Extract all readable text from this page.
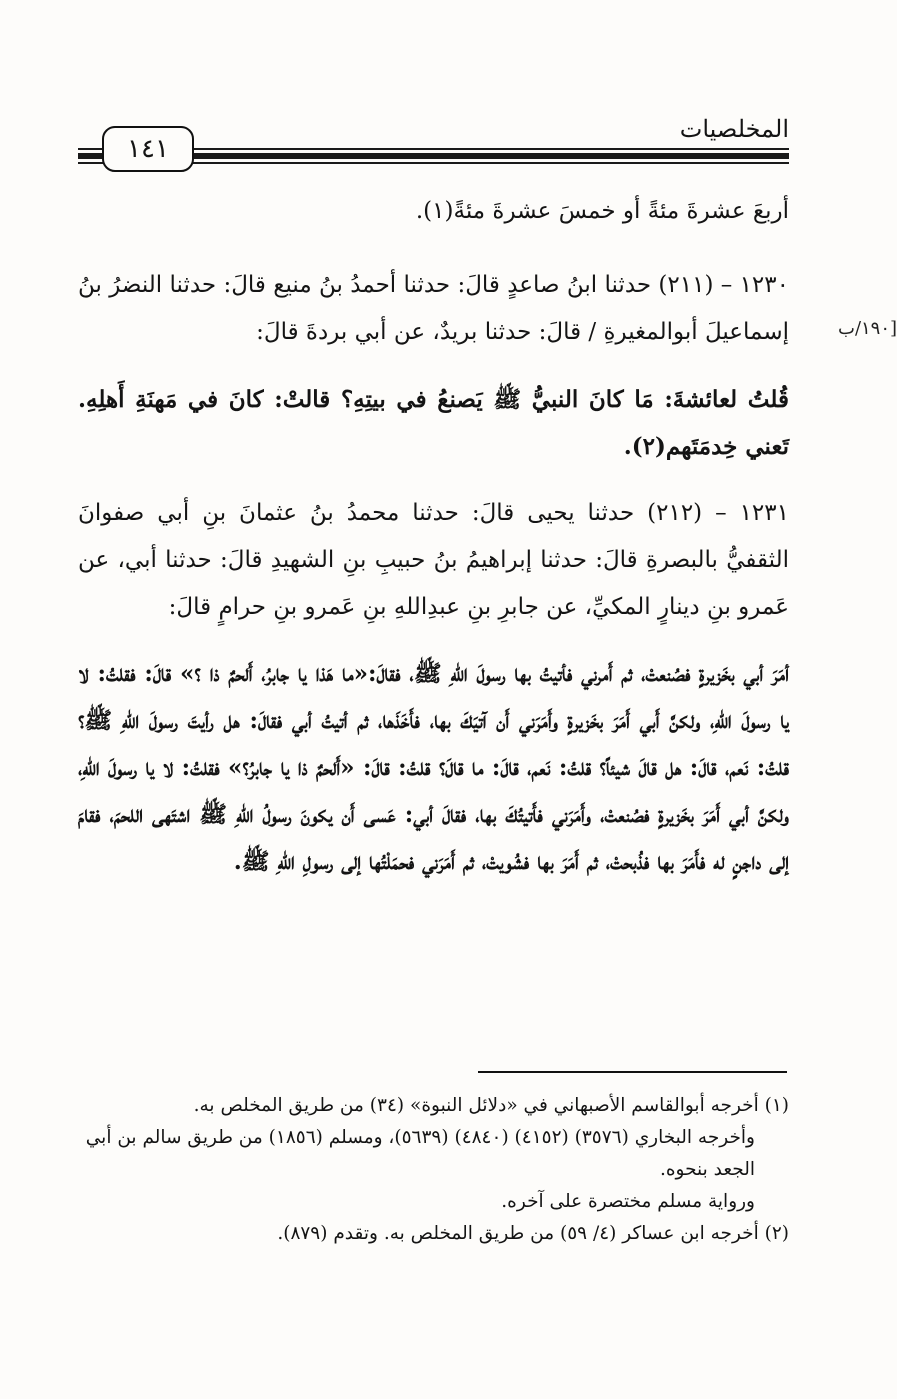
المخلصيات
١٤١
[١٩٠/ب

أربعَ عشرةَ مئةً أو خمسَ عشرةَ مئةً(١).

١٢٣٠ – (٢١١) حدثنا ابنُ صاعدٍ قالَ: حدثنا أحمدُ بنُ منيع قالَ: حدثنا النضرُ بنُ إسماعيلَ أبوالمغيرةِ / قالَ: حدثنا بريدٌ، عن أبي بردةَ قالَ:

قُلتُ لعائشةَ: مَا كانَ النبيُّ ﷺ يَصنعُ في بيتِهِ؟ قالتْ: كانَ في مَهنَةِ أَهلِهِ. تَعني خِدمَتَهم(٢).

١٢٣١ – (٢١٢) حدثنا يحيى قالَ: حدثنا محمدُ بنُ عثمانَ بنِ أبي صفوانَ الثقفيُّ بالبصرةِ قالَ: حدثنا إبراهيمُ بنُ حبيبِ بنِ الشهيدِ قالَ: حدثنا أبي، عن عَمرو بنِ دينارٍ المكيِّ، عن جابرِ بنِ عبدِاللهِ بنِ عَمرو بنِ حرامٍ قالَ:

أمَرَ أبي بخَزيرةٍ فصُنعتْ، ثم أَمرني فأتيتُ بها رسولَ اللهِ ﷺ، فقالَ:«ما هَذا يا جابرُ، أَلحمٌ ذا ؟» قالَ: فقلتُ: لا يا رسولَ اللهِ، ولكنَّ أَبي أَمَرَ بخَزيرةٍ وأَمَرَني أَن آتيَكَ بها، فأَخَذَها، ثم أتيتُ أبي فقالَ: هل رأيتَ رسولَ اللهِ ﷺ؟ قلتُ: نَعم، قالَ: هل قالَ شيئاً؟ قلتُ: نَعم، قالَ: ما قالَ؟ قلتُ: قالَ: «أَلحمٌ ذا يا جابرُ؟» فقلتُ: لا يا رسولَ اللهِ، ولكنَّ أبي أَمَرَ بخَزيرةٍ فصُنعتْ، وأَمَرَني فأَتيتُكَ بها، فقالَ أبي: عَسى أَن يكونَ رسولُ اللهِ ﷺ اشتَهى اللحمَ، فقامَ إلى داجنٍ له فأَمَرَ بها فذُبحتْ، ثم أَمَرَ بها فشُويتْ، ثم أَمَرَني فحمَلْتُها إلى رسولِ اللهِ ﷺ.

(١) أخرجه أبوالقاسم الأصبهاني في «دلائل النبوة» (٣٤) من طريق المخلص به.
وأخرجه البخاري (٣٥٧٦) (٤١٥٢) (٤٨٤٠) (٥٦٣٩)، ومسلم (١٨٥٦) من طريق سالم بن أبي الجعد بنحوه.
ورواية مسلم مختصرة على آخره.
(٢) أخرجه ابن عساكر (٤/ ٥٩) من طريق المخلص به. وتقدم (٨٧٩).
